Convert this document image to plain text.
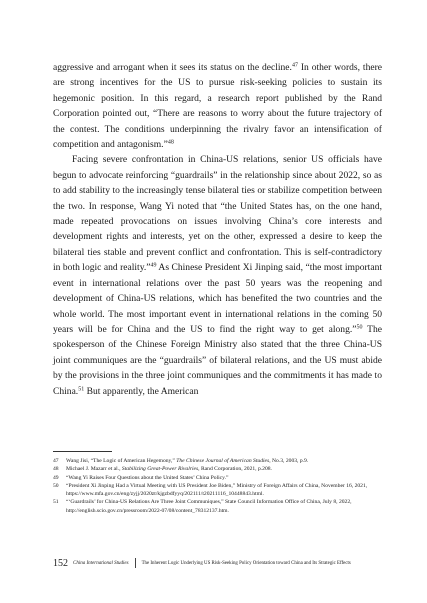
aggressive and arrogant when it sees its status on the decline.$^{47}$ In other words, there are strong incentives for the US to pursue risk-seeking policies to sustain its hegemonic position. In this regard, a research report published by the Rand Corporation pointed out, “There are reasons to worry about the future trajectory of the contest. The conditions underpinning the rivalry favor an intensification of competition and antagonism.”$^{48}$

Facing severe confrontation in China-US relations, senior US officials have begun to advocate reinforcing “guardrails” in the relationship since about 2022, so as to add stability to the increasingly tense bilateral ties or stabilize competition between the two. In response, Wang Yi noted that “the United States has, on the one hand, made repeated provocations on issues involving China’s core interests and development rights and interests, yet on the other, expressed a desire to keep the bilateral ties stable and prevent conflict and confrontation. This is self-contradictory in both logic and reality.”$^{49}$ As Chinese President Xi Jinping said, “the most important event in international relations over the past 50 years was the reopening and development of China-US relations, which has benefited the two countries and the whole world. The most important event in international relations in the coming 50 years will be for China and the US to find the right way to get along.”$^{50}$ The spokesperson of the Chinese Foreign Ministry also stated that the three China-US joint communiques are the “guardrails” of bilateral relations, and the US must abide by the provisions in the three joint communiques and the commitments it has made to China.$^{51}$ But apparently, the American

47	Wang Jisi, “The Logic of American Hegemony,” The Chinese Journal of American Studies, No.3, 2003, p.9.
48	Michael J. Mazarr et al., Stabilizing Great-Power Rivalries, Rand Corporation, 2021, p.208.
49	“Wang Yi Raises Four Questions about the United States’ China Policy.”
50	“President Xi Jinping Had a Virtual Meeting with US President Joe Biden,” Ministry of Foreign Affairs of China, November 16, 2021, https://www.mfa.gov.cn/eng/zyjj/2020zt/kjgzbdfyyq/202111/t20211116_10448843.html.
51	“‘Guardrails’ for China-US Relations Are Three Joint Communiques,” State Council Information Office of China, July 8, 2022, http://english.scio.gov.cn/pressroom/2022-07/08/content_78312137.htm.
152 China International Studies	The Inherent Logic Underlying US Risk-Seeking Policy Orientation toward China and Its Strategic Effects
